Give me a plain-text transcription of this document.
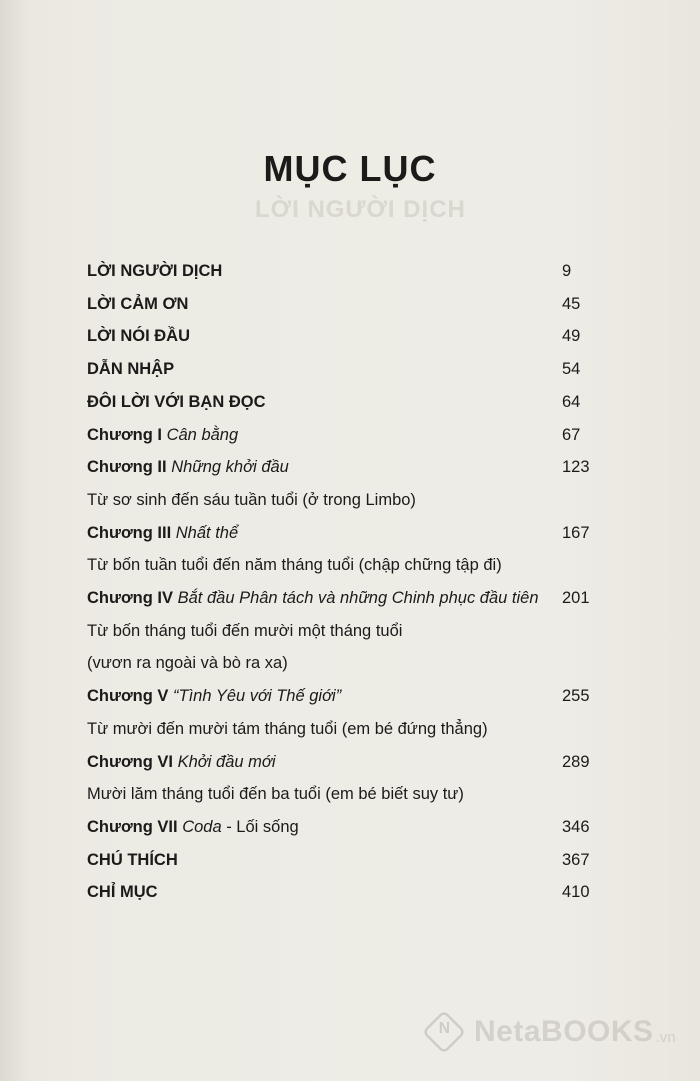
LỜI NGƯỜI DỊCH
MỤC LỤC
LỜI NGƯỜI DỊCH	9
LỜI CẢM ƠN	45
LỜI NÓI ĐẦU	49
DẪN NHẬP	54
ĐÔI LỜI VỚI BẠN ĐỌC	64
Chương I Cân bằng	67
Chương II Những khởi đầu	123
Từ sơ sinh đến sáu tuần tuổi (ở trong Limbo)
Chương III Nhất thể	167
Từ bốn tuần tuổi đến năm tháng tuổi (chập chững tập đi)
Chương IV Bắt đầu Phân tách và những Chinh phục đầu tiên 201
Từ bốn tháng tuổi đến mười một tháng tuổi
(vươn ra ngoài và bò ra xa)
Chương V “Tình Yêu với Thế giới”	255
Từ mười đến mười tám tháng tuổi (em bé đứng thẳng)
Chương VI Khởi đầu mới	289
Mười lăm tháng tuổi đến ba tuổi (em bé biết suy tư)
Chương VII Coda - Lối sống	346
CHÚ THÍCH	367
CHỈ MỤC	410
N NetaBOOKS .vn
